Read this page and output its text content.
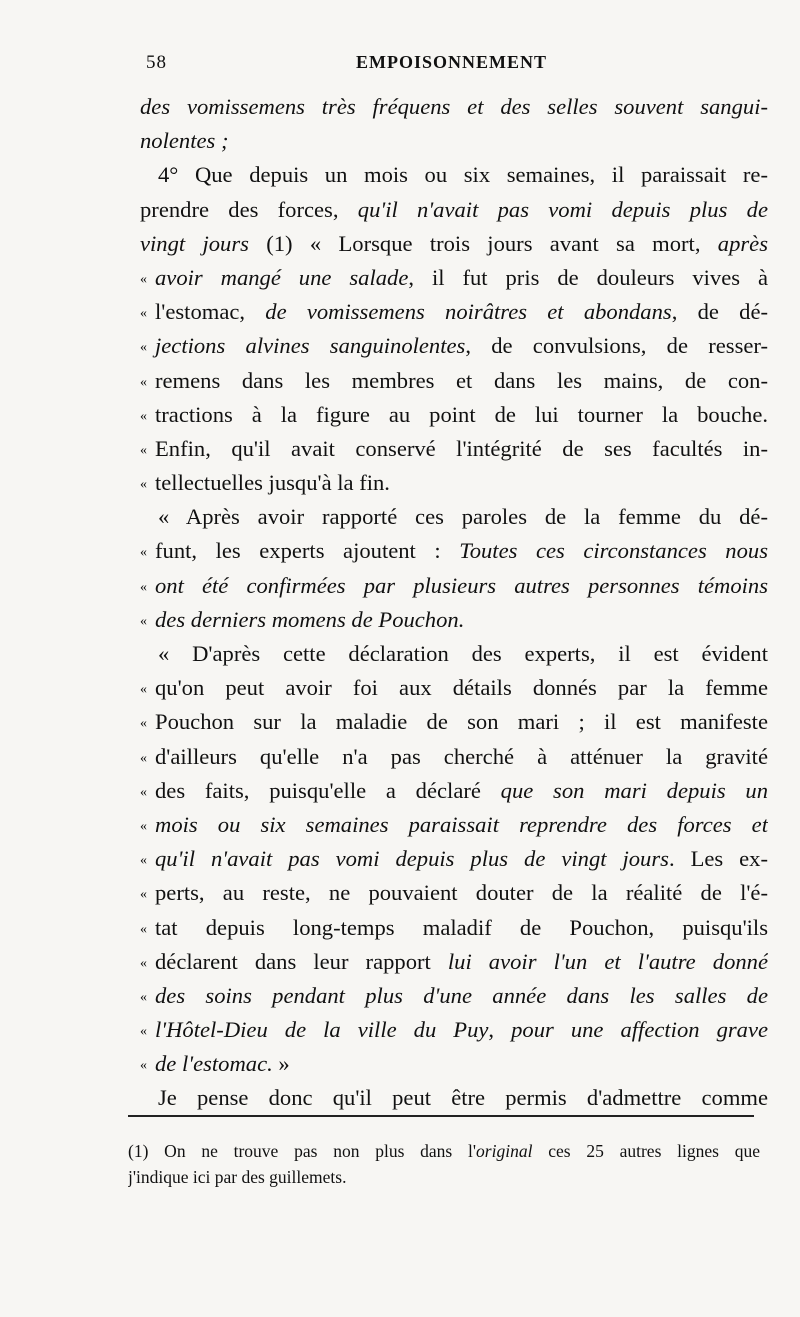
58	EMPOISONNEMENT
des vomissemens très fréquens et des selles souvent sangui-
nolentes ;
4° Que depuis un mois ou six semaines, il paraissait re-
prendre des forces, qu'il n'avait pas vomi depuis plus de
vingt jours (1) « Lorsque trois jours avant sa mort, après
« avoir mangé une salade, il fut pris de douleurs vives à
« l'estomac, de vomissemens noirâtres et abondans, de dé-
« jections alvines sanguinolentes, de convulsions, de resser-
« remens dans les membres et dans les mains, de con-
« tractions à la figure au point de lui tourner la bouche.
« Enfin, qu'il avait conservé l'intégrité de ses facultés in-
« tellectuelles jusqu'à la fin.
« Après avoir rapporté ces paroles de la femme du dé-
« funt, les experts ajoutent : Toutes ces circonstances nous
« ont été confirmées par plusieurs autres personnes témoins
« des derniers momens de Pouchon.
« D'après cette déclaration des experts, il est évident
« qu'on peut avoir foi aux détails donnés par la femme
« Pouchon sur la maladie de son mari ; il est manifeste
« d'ailleurs qu'elle n'a pas cherché à atténuer la gravité
« des faits, puisqu'elle a déclaré que son mari depuis un
« mois ou six semaines paraissait reprendre des forces et
« qu'il n'avait pas vomi depuis plus de vingt jours. Les ex-
« perts, au reste, ne pouvaient douter de la réalité de l'é-
« tat depuis long-temps maladif de Pouchon, puisqu'ils
« déclarent dans leur rapport lui avoir l'un et l'autre donné
« des soins pendant plus d'une année dans les salles de
« l'Hôtel-Dieu de la ville du Puy, pour une affection grave
« de l'estomac. »
Je pense donc qu'il peut être permis d'admettre comme
(1) On ne trouve pas non plus dans l'original ces 25 autres lignes que
j'indique ici par des guillemets.
